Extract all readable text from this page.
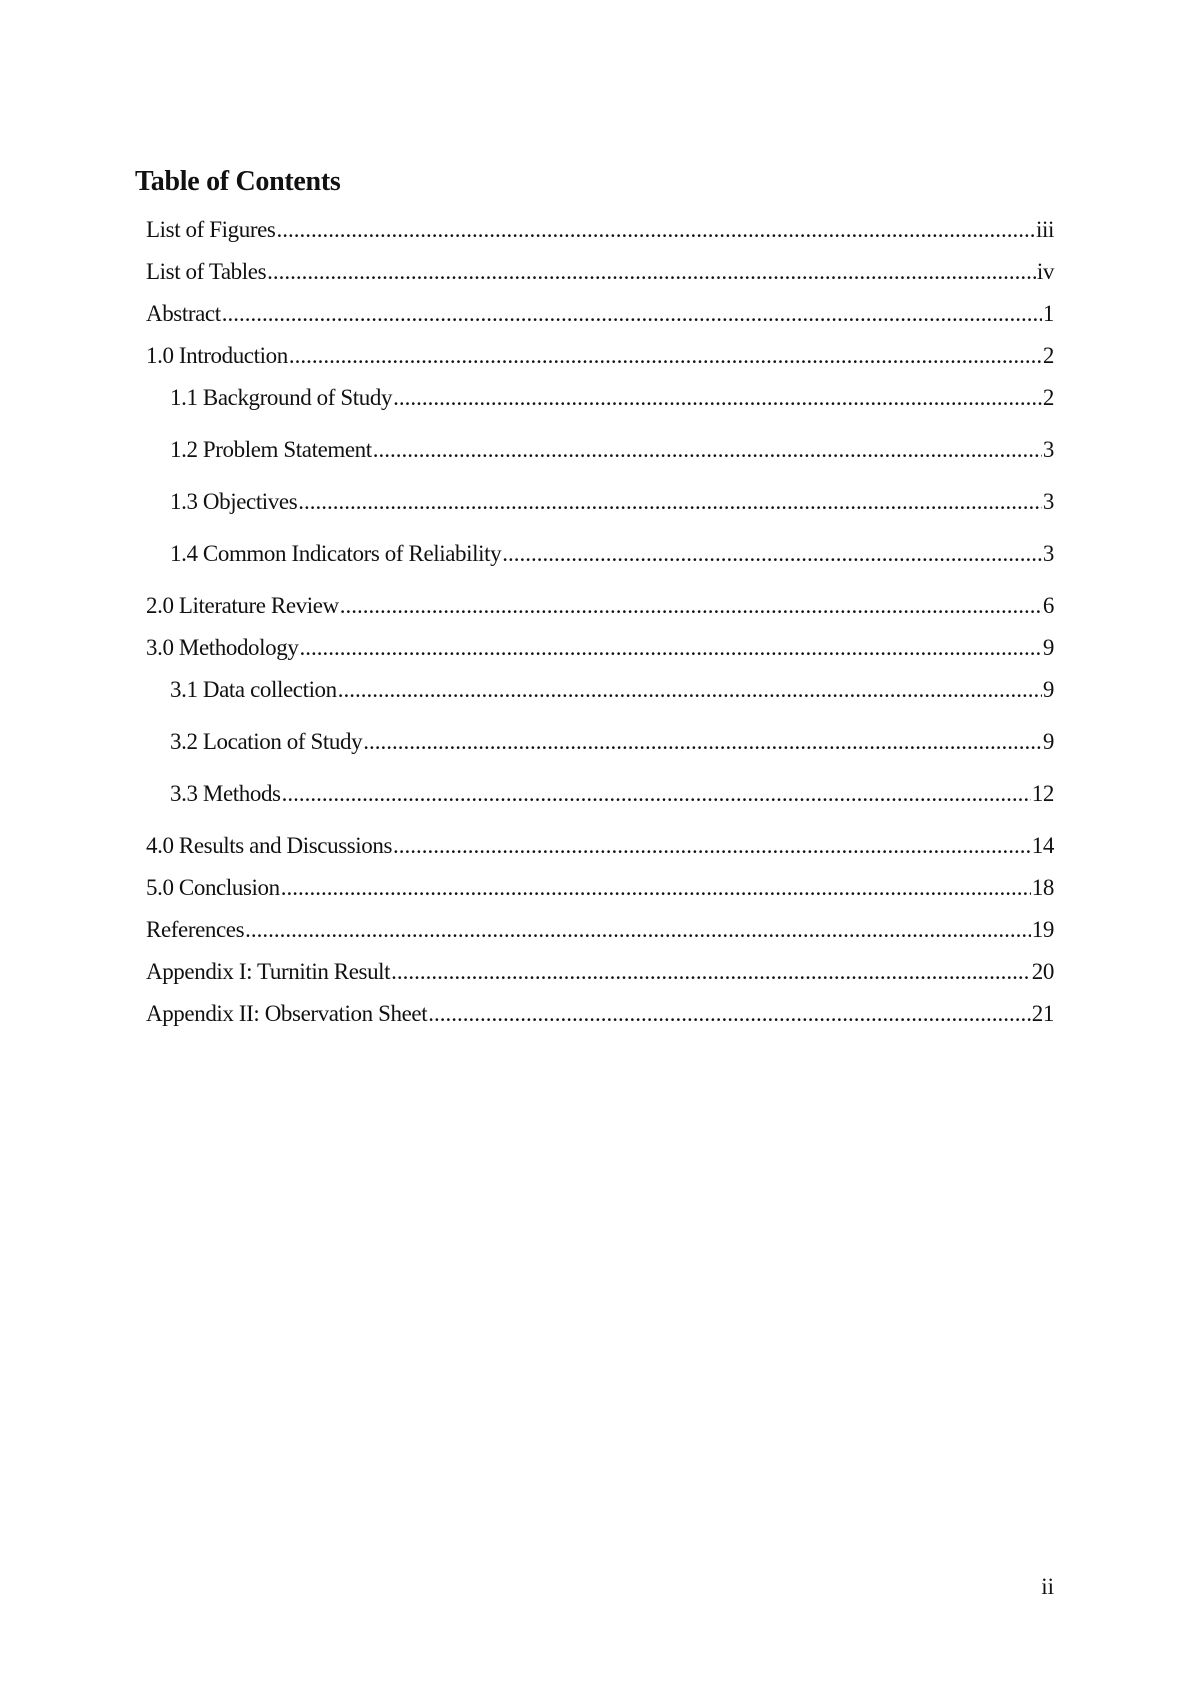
Table of Contents
List of Figures .....	iii
List of Tables .....	iv
Abstract .....	1
1.0 Introduction .....	2
1.1 Background of Study .....	2
1.2 Problem Statement .....	3
1.3 Objectives .....	3
1.4 Common Indicators of Reliability .....	3
2.0 Literature Review .....	6
3.0 Methodology .....	9
3.1 Data collection .....	9
3.2 Location of Study .....	9
3.3 Methods .....	12
4.0 Results and Discussions .....	14
5.0 Conclusion .....	18
References .....	19
Appendix I: Turnitin Result .....	20
Appendix II: Observation Sheet .....	21
ii
